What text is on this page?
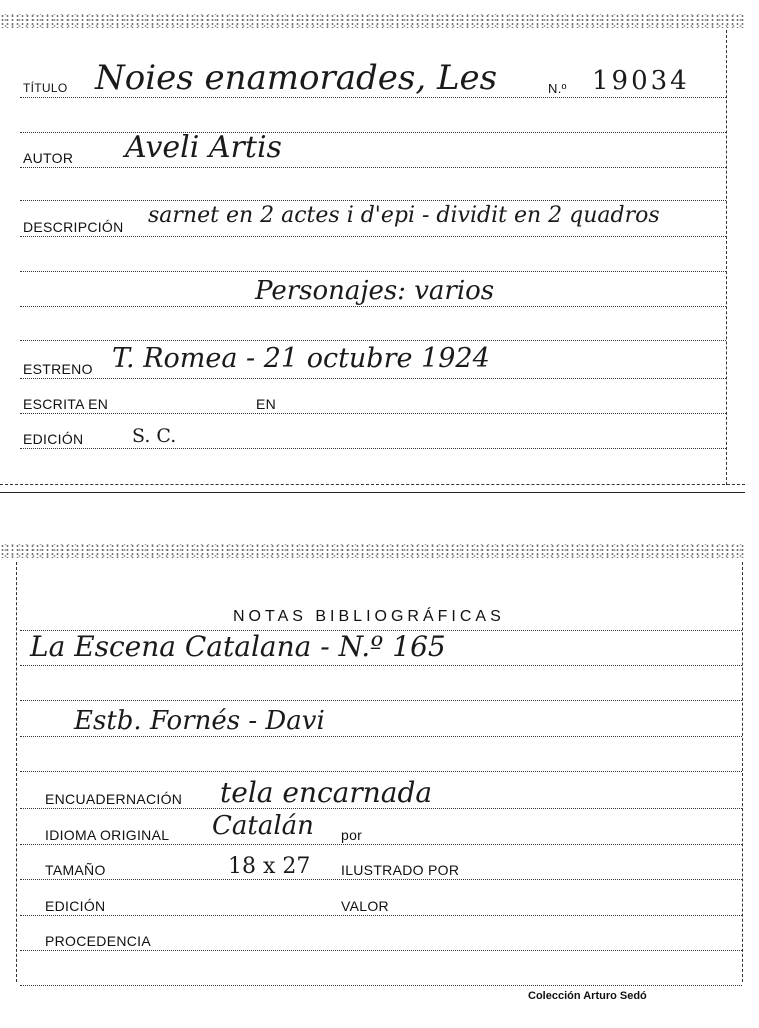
TÍTULO Noies enamorades, Les	N.º 19034
AUTOR Aveli Artis
DESCRIPCIÓN sarnet en 2 actes i d'epi - dividit en 2 quadros
Personajes: varios
ESTRENO T. Romea - 21 octubre 1924
ESCRITA EN	EN
EDICIÓN	S. C.
NOTAS BIBLIOGRÁFICAS
La Escena Catalana - N.º 165
Estb. Fornés - Davi
ENCUADERNACIÓN tela encarnada
IDIOMA ORIGINAL Catalán por
TAMAÑO	18 x 27 ILUSTRADO POR
EDICIÓN	VALOR
PROCEDENCIA
Colección Arturo Sedó
